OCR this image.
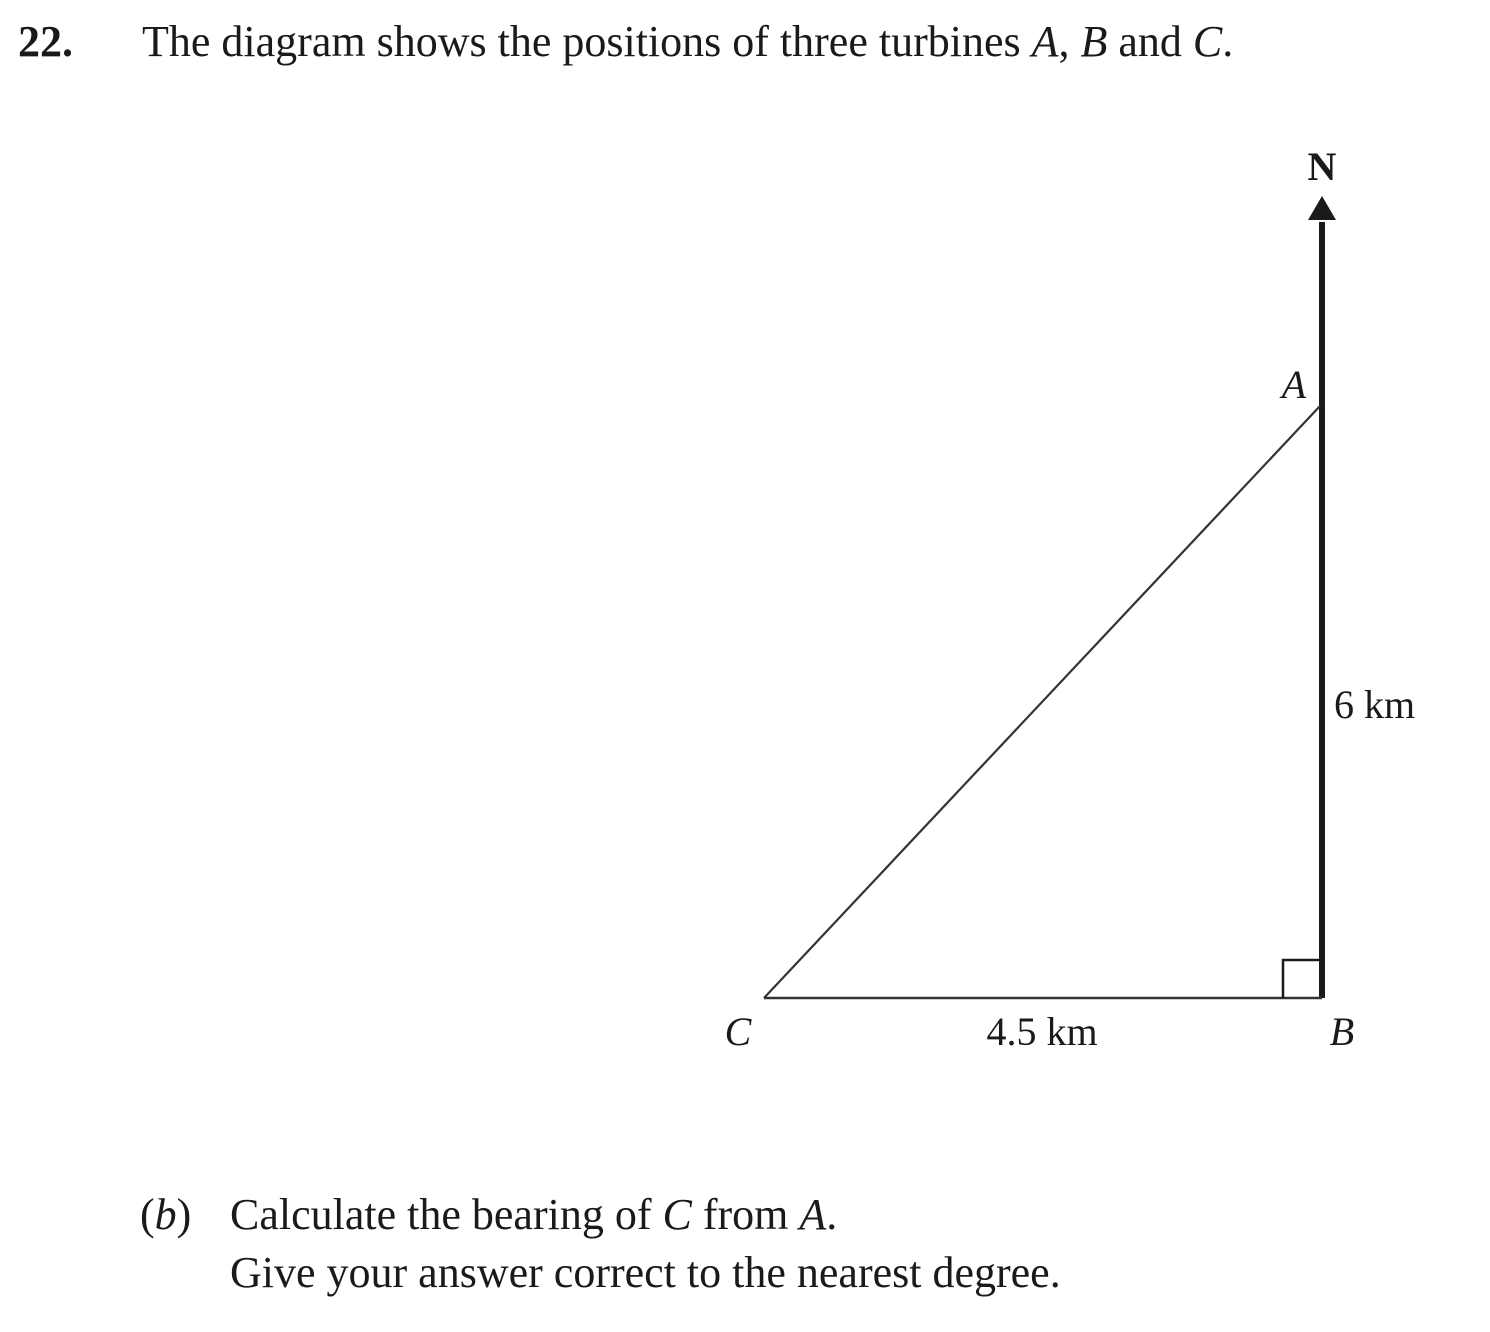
22. The diagram shows the positions of three turbines A, B and C.
N
A
B
C
6 km
4.5 km
(b) Calculate the bearing of C from A.
Give your answer correct to the nearest degree.
